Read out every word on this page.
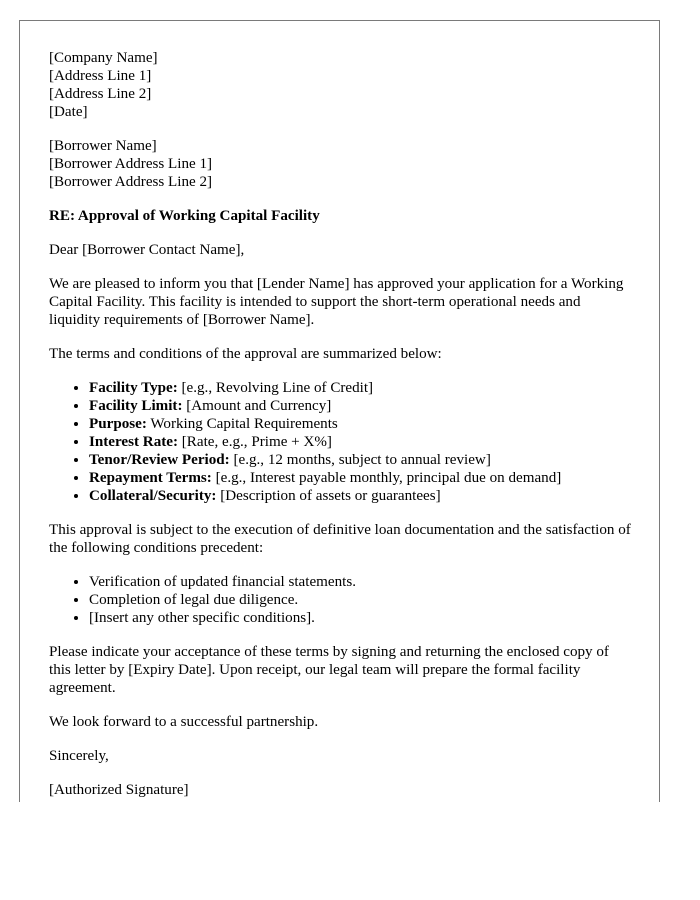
[Company Name]
[Address Line 1]
[Address Line 2]
[Date]
[Borrower Name]
[Borrower Address Line 1]
[Borrower Address Line 2]

RE: Approval of Working Capital Facility

Dear [Borrower Contact Name],

We are pleased to inform you that [Lender Name] has approved your application for a Working Capital Facility. This facility is intended to support the short-term operational needs and liquidity requirements of [Borrower Name].

The terms and conditions of the approval are summarized below:

• Facility Type: [e.g., Revolving Line of Credit]
• Facility Limit: [Amount and Currency]
• Purpose: Working Capital Requirements
• Interest Rate: [Rate, e.g., Prime + X%]
• Tenor/Review Period: [e.g., 12 months, subject to annual review]
• Repayment Terms: [e.g., Interest payable monthly, principal due on demand]
• Collateral/Security: [Description of assets or guarantees]

This approval is subject to the execution of definitive loan documentation and the satisfaction of the following conditions precedent:

• Verification of updated financial statements.
• Completion of legal due diligence.
• [Insert any other specific conditions].

Please indicate your acceptance of these terms by signing and returning the enclosed copy of this letter by [Expiry Date]. Upon receipt, our legal team will prepare the formal facility agreement.

We look forward to a successful partnership.

Sincerely,

[Authorized Signature]
